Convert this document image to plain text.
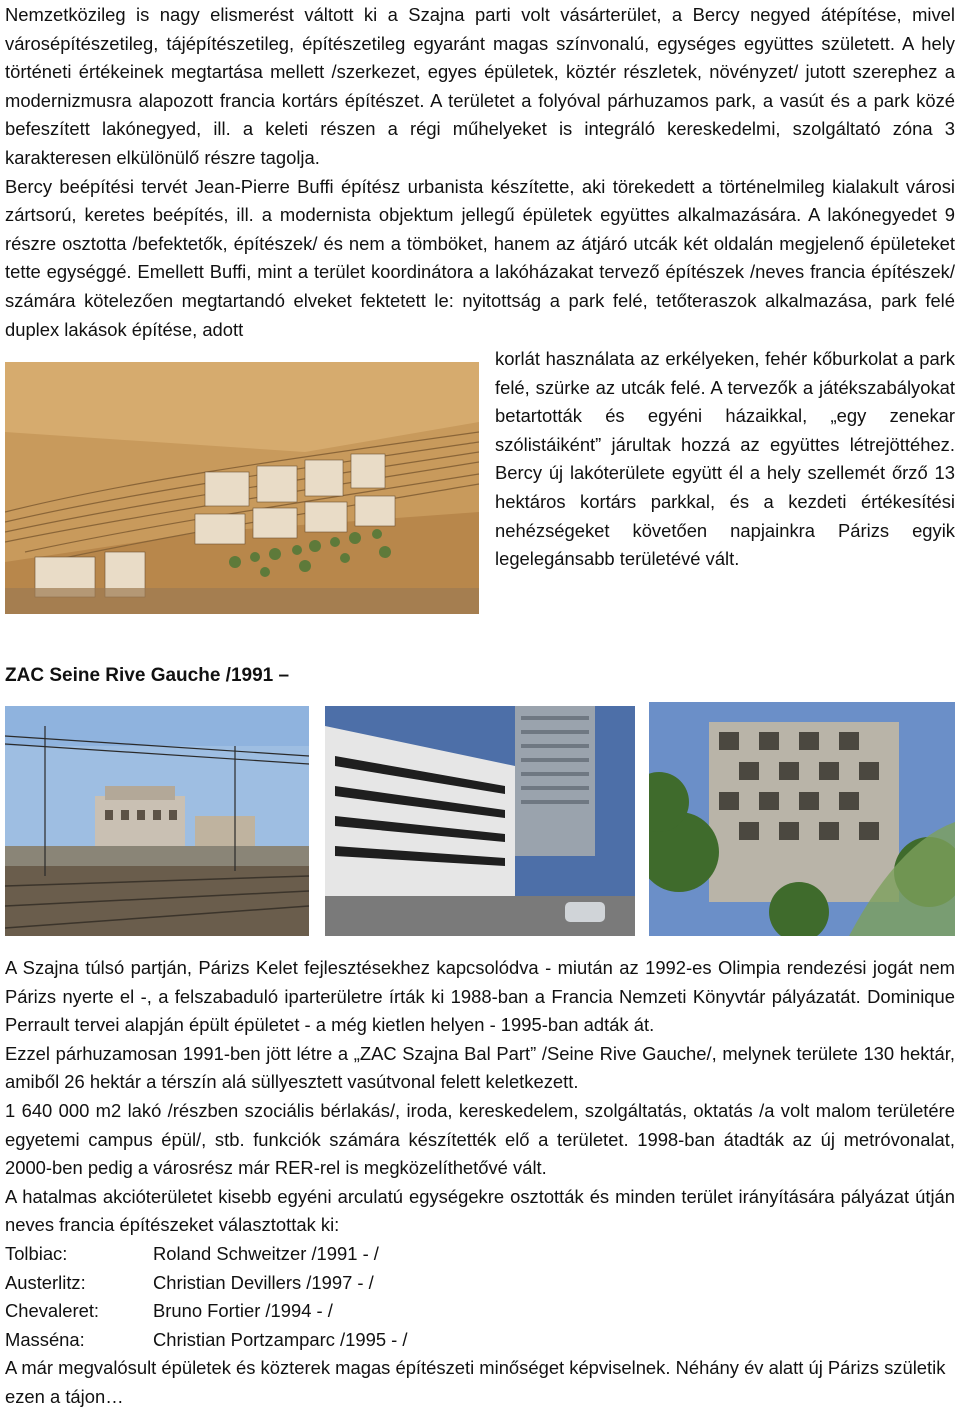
Nemzetközileg is nagy elismerést váltott ki a Szajna parti volt vásárterület, a Bercy negyed átépítése, mivel városépítészetileg, tájépítészetileg, építészetileg egyaránt magas színvonalú, egységes együttes született. A hely történeti értékeinek megtartása mellett /szerkezet, egyes épületek, köztér részletek, növényzet/ jutott szerephez a modernizmusra alapozott francia kortárs építészet. A területet a folyóval párhuzamos park, a vasút és a park közé befeszített lakónegyed, ill. a keleti részen a régi műhelyeket is integráló kereskedelmi, szolgáltató zóna 3 karakteresen elkülönülő részre tagolja.

Bercy beépítési tervét Jean-Pierre Buffi építész urbanista készítette, aki törekedett a történelmileg kialakult városi zártsorú, keretes beépítés, ill. a modernista objektum jellegű épületek együttes alkalmazására. A lakónegyedet 9 részre osztotta /befektetők, építészek/ és nem a tömböket, hanem az átjáró utcák két oldalán megjelenő épületeket tette egységgé. Emellett Buffi, mint a terület koordinátora a lakóházakat tervező építészek /neves francia építészek/ számára kötelezően megtartandó elveket fektetett le: nyitottság a park felé, tetőteraszok alkalmazása, park felé duplex lakások építése, adott

korlát használata az erkélyeken, fehér kőburkolat a park felé, szürke az utcák felé. A tervezők a játékszabályokat betartották és egyéni házaikkal, „egy zenekar szólistáiként” járultak hozzá az együttes létrejöttéhez. Bercy új lakóterülete együtt él a hely szellemét őrző 13 hektáros kortárs parkkal, és a kezdeti értékesítési nehézségeket követően napjainkra Párizs egyik legelegánsabb területévé vált.

ZAC Seine Rive Gauche /1991 –

A Szajna túlsó partján, Párizs Kelet fejlesztésekhez kapcsolódva - miután az 1992-es Olimpia rendezési jogát nem Párizs nyerte el -, a felszabaduló iparterületre írták ki 1988-ban a Francia Nemzeti Könyvtár pályázatát. Dominique Perrault tervei alapján épült épületet - a még kietlen helyen - 1995-ban adták át.

Ezzel párhuzamosan 1991-ben jött létre a „ZAC Szajna Bal Part” /Seine Rive Gauche/, melynek területe 130 hektár, amiből 26 hektár a térszín alá süllyesztett vasútvonal felett keletkezett.

1 640 000 m2 lakó /részben szociális bérlakás/, iroda, kereskedelem, szolgáltatás, oktatás /a volt malom területére egyetemi campus épül/, stb. funkciók számára készítették elő a területet. 1998-ban átadták az új metróvonalat, 2000-ben pedig a városrész már RER-rel is megközelíthetővé vált.

A hatalmas akcióterületet kisebb egyéni arculatú egységekre osztották és minden terület irányítására pályázat útján neves francia építészeket választottak ki:

Tolbiac:	Roland Schweitzer /1991 - /
Austerlitz:	Christian Devillers /1997 - /
Chevaleret:	Bruno Fortier /1994 - /
Masséna:	Christian Portzamparc /1995 - /

A már megvalósult épületek és közterek magas építészeti minőséget képviselnek. Néhány év alatt új Párizs születik ezen a tájon…
